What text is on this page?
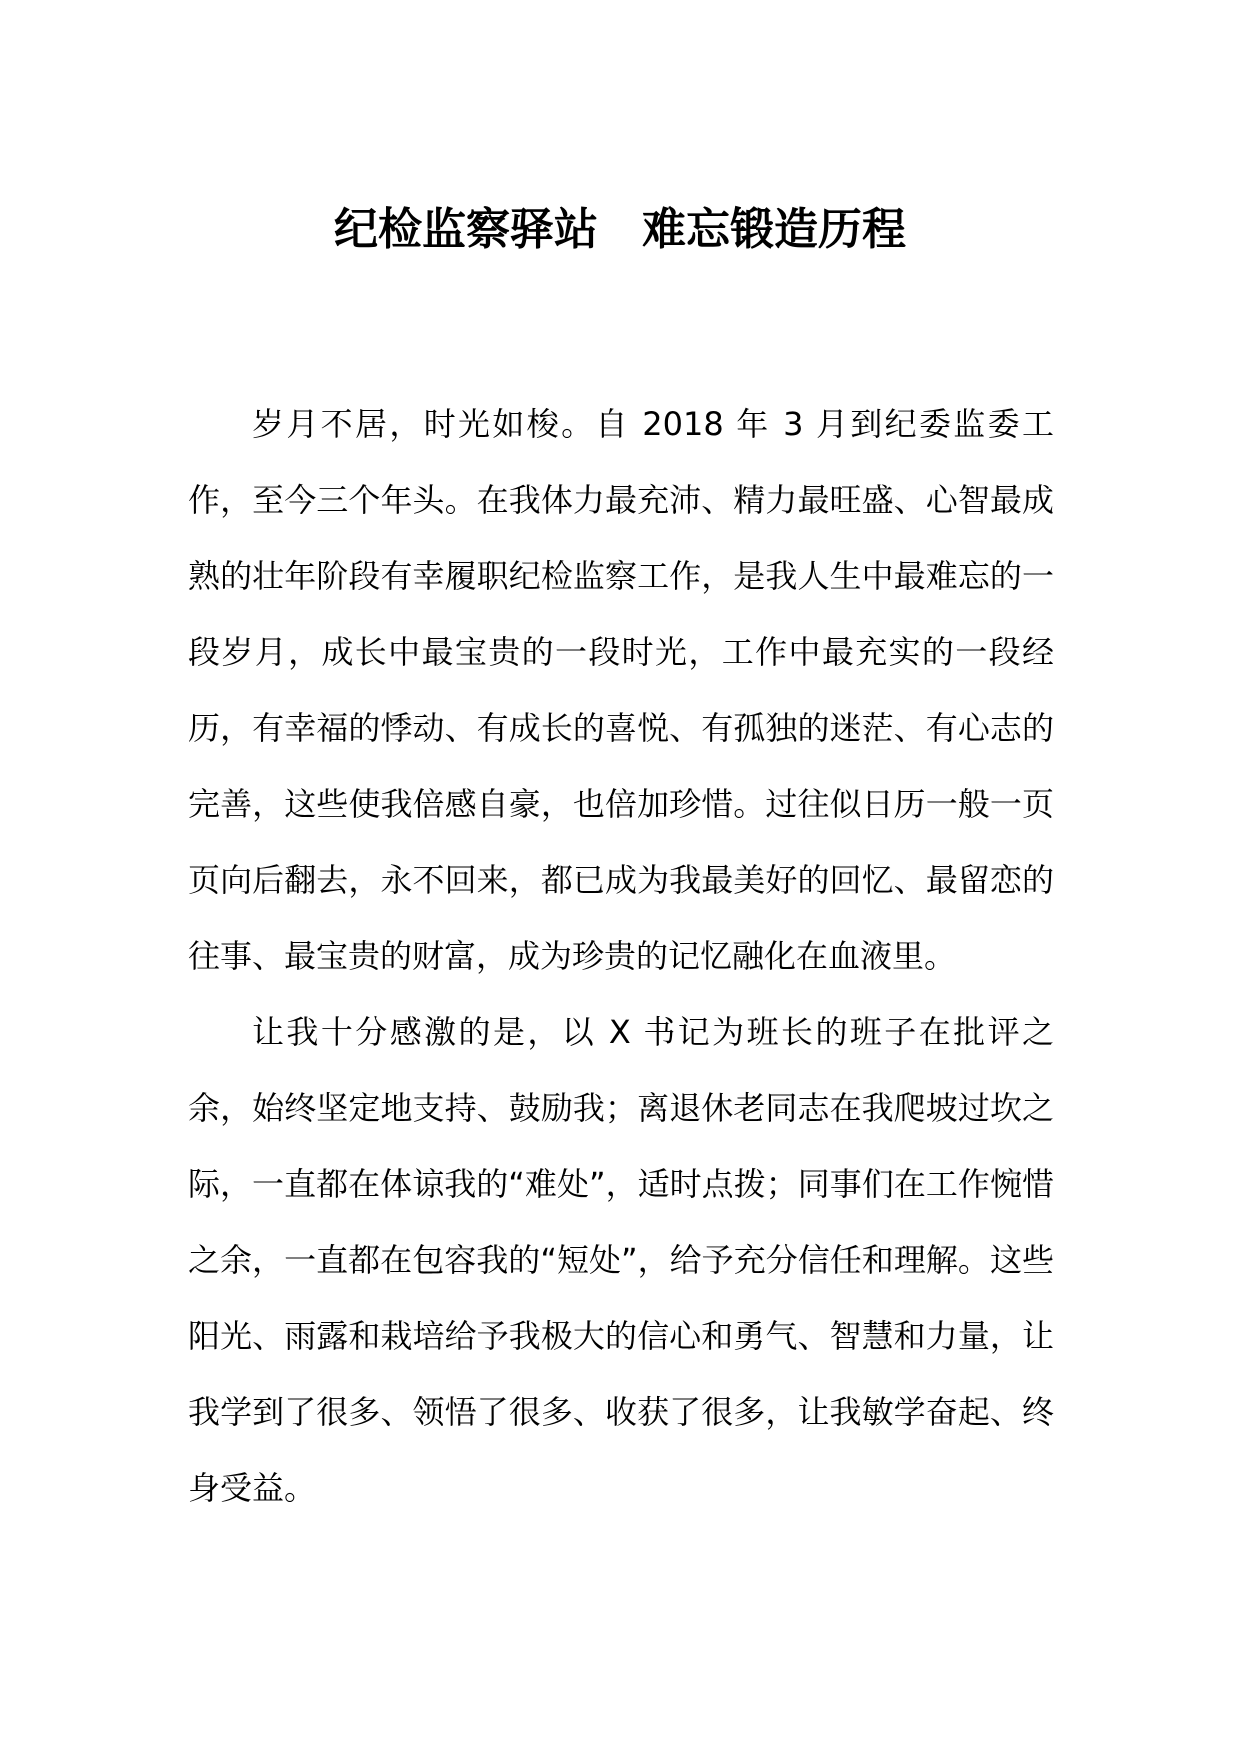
纪检监察驿站　难忘锻造历程

岁月不居，时光如梭。自 2018 年 3 月到纪委监委工作，至今三个年头。在我体力最充沛、精力最旺盛、心智最成熟的壮年阶段有幸履职纪检监察工作，是我人生中最难忘的一段岁月，成长中最宝贵的一段时光，工作中最充实的一段经历，有幸福的悸动、有成长的喜悦、有孤独的迷茫、有心志的完善，这些使我倍感自豪，也倍加珍惜。过往似日历一般一页页向后翻去，永不回来，都已成为我最美好的回忆、最留恋的往事、最宝贵的财富，成为珍贵的记忆融化在血液里。

让我十分感激的是，以 X 书记为班长的班子在批评之余，始终坚定地支持、鼓励我；离退休老同志在我爬坡过坎之际，一直都在体谅我的“难处”，适时点拨；同事们在工作惋惜之余，一直都在包容我的“短处”，给予充分信任和理解。这些阳光、雨露和栽培给予我极大的信心和勇气、智慧和力量，让我学到了很多、领悟了很多、收获了很多，让我敏学奋起、终身受益。
